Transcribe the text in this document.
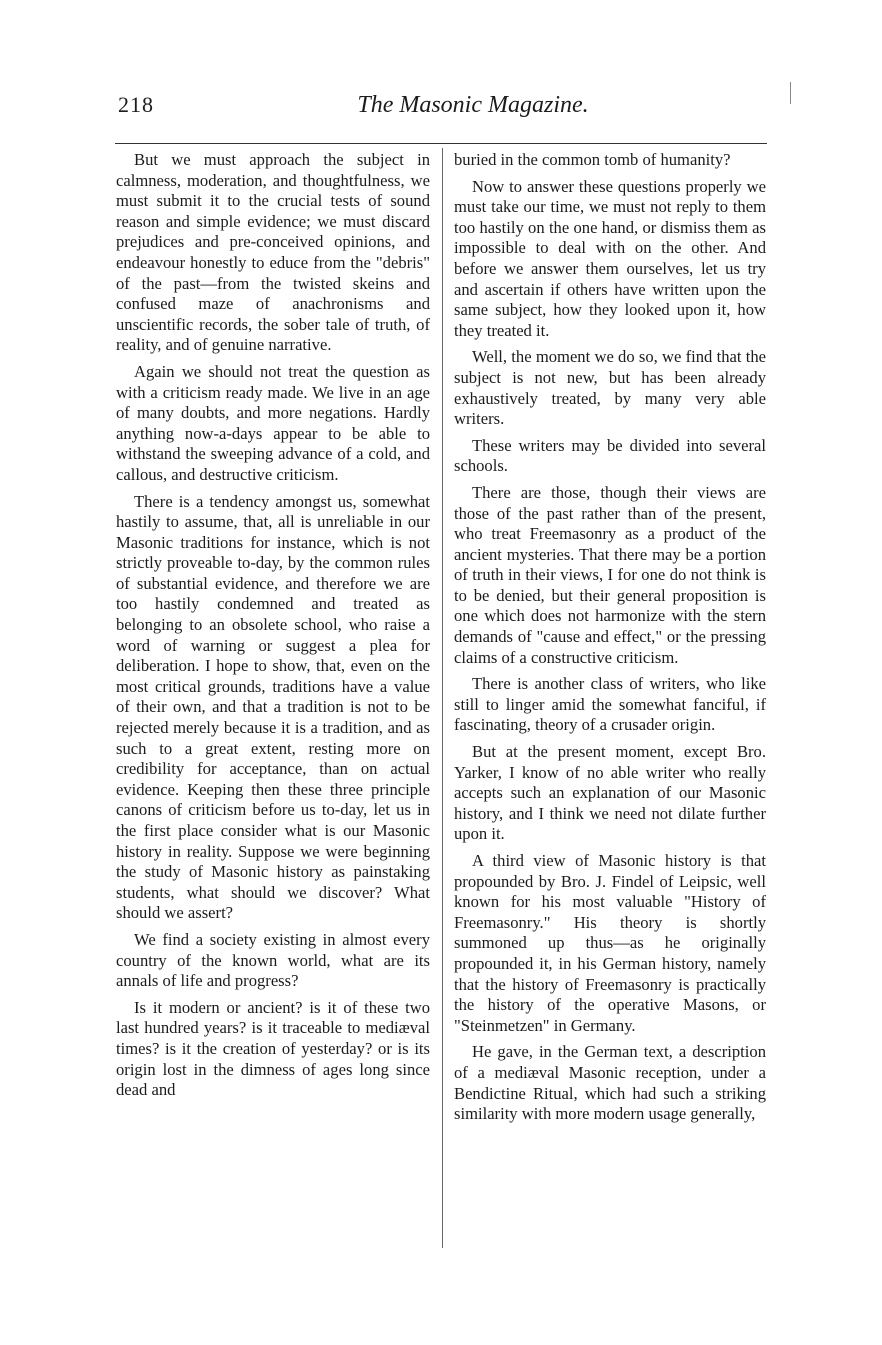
218	The Masonic Magazine.

But we must approach the subject in calmness, moderation, and thoughtfulness, we must submit it to the crucial tests of sound reason and simple evidence; we must discard prejudices and pre-conceived opinions, and endeavour honestly to educe from the "debris" of the past—from the twisted skeins and confused maze of anachronisms and unscientific records, the sober tale of truth, of reality, and of genuine narrative.

Again we should not treat the question as with a criticism ready made. We live in an age of many doubts, and more negations. Hardly anything now-a-days appear to be able to withstand the sweeping advance of a cold, and callous, and destructive criticism.

There is a tendency amongst us, somewhat hastily to assume, that, all is unreliable in our Masonic traditions for instance, which is not strictly proveable to-day, by the common rules of substantial evidence, and therefore we are too hastily condemned and treated as belonging to an obsolete school, who raise a word of warning or suggest a plea for deliberation. I hope to show, that, even on the most critical grounds, traditions have a value of their own, and that a tradition is not to be rejected merely because it is a tradition, and as such to a great extent, resting more on credibility for acceptance, than on actual evidence. Keeping then these three principle canons of criticism before us to-day, let us in the first place consider what is our Masonic history in reality. Suppose we were beginning the study of Masonic history as painstaking students, what should we discover? What should we assert?

We find a society existing in almost every country of the known world, what are its annals of life and progress?

Is it modern or ancient? is it of these two last hundred years? is it traceable to mediæval times? is it the creation of yesterday? or is its origin lost in the dimness of ages long since dead and

buried in the common tomb of humanity?

Now to answer these questions properly we must take our time, we must not reply to them too hastily on the one hand, or dismiss them as impossible to deal with on the other. And before we answer them ourselves, let us try and ascertain if others have written upon the same subject, how they looked upon it, how they treated it.

Well, the moment we do so, we find that the subject is not new, but has been already exhaustively treated, by many very able writers.

These writers may be divided into several schools.

There are those, though their views are those of the past rather than of the present, who treat Freemasonry as a product of the ancient mysteries. That there may be a portion of truth in their views, I for one do not think is to be denied, but their general proposition is one which does not harmonize with the stern demands of "cause and effect," or the pressing claims of a constructive criticism.

There is another class of writers, who like still to linger amid the somewhat fanciful, if fascinating, theory of a crusader origin.

But at the present moment, except Bro. Yarker, I know of no able writer who really accepts such an explanation of our Masonic history, and I think we need not dilate further upon it.

A third view of Masonic history is that propounded by Bro. J. Findel of Leipsic, well known for his most valuable "History of Freemasonry." His theory is shortly summoned up thus—as he originally propounded it, in his German history, namely that the history of Freemasonry is practically the history of the operative Masons, or "Steinmetzen" in Germany.

He gave, in the German text, a description of a mediæval Masonic reception, under a Bendictine Ritual, which had such a striking similarity with more modern usage generally,
